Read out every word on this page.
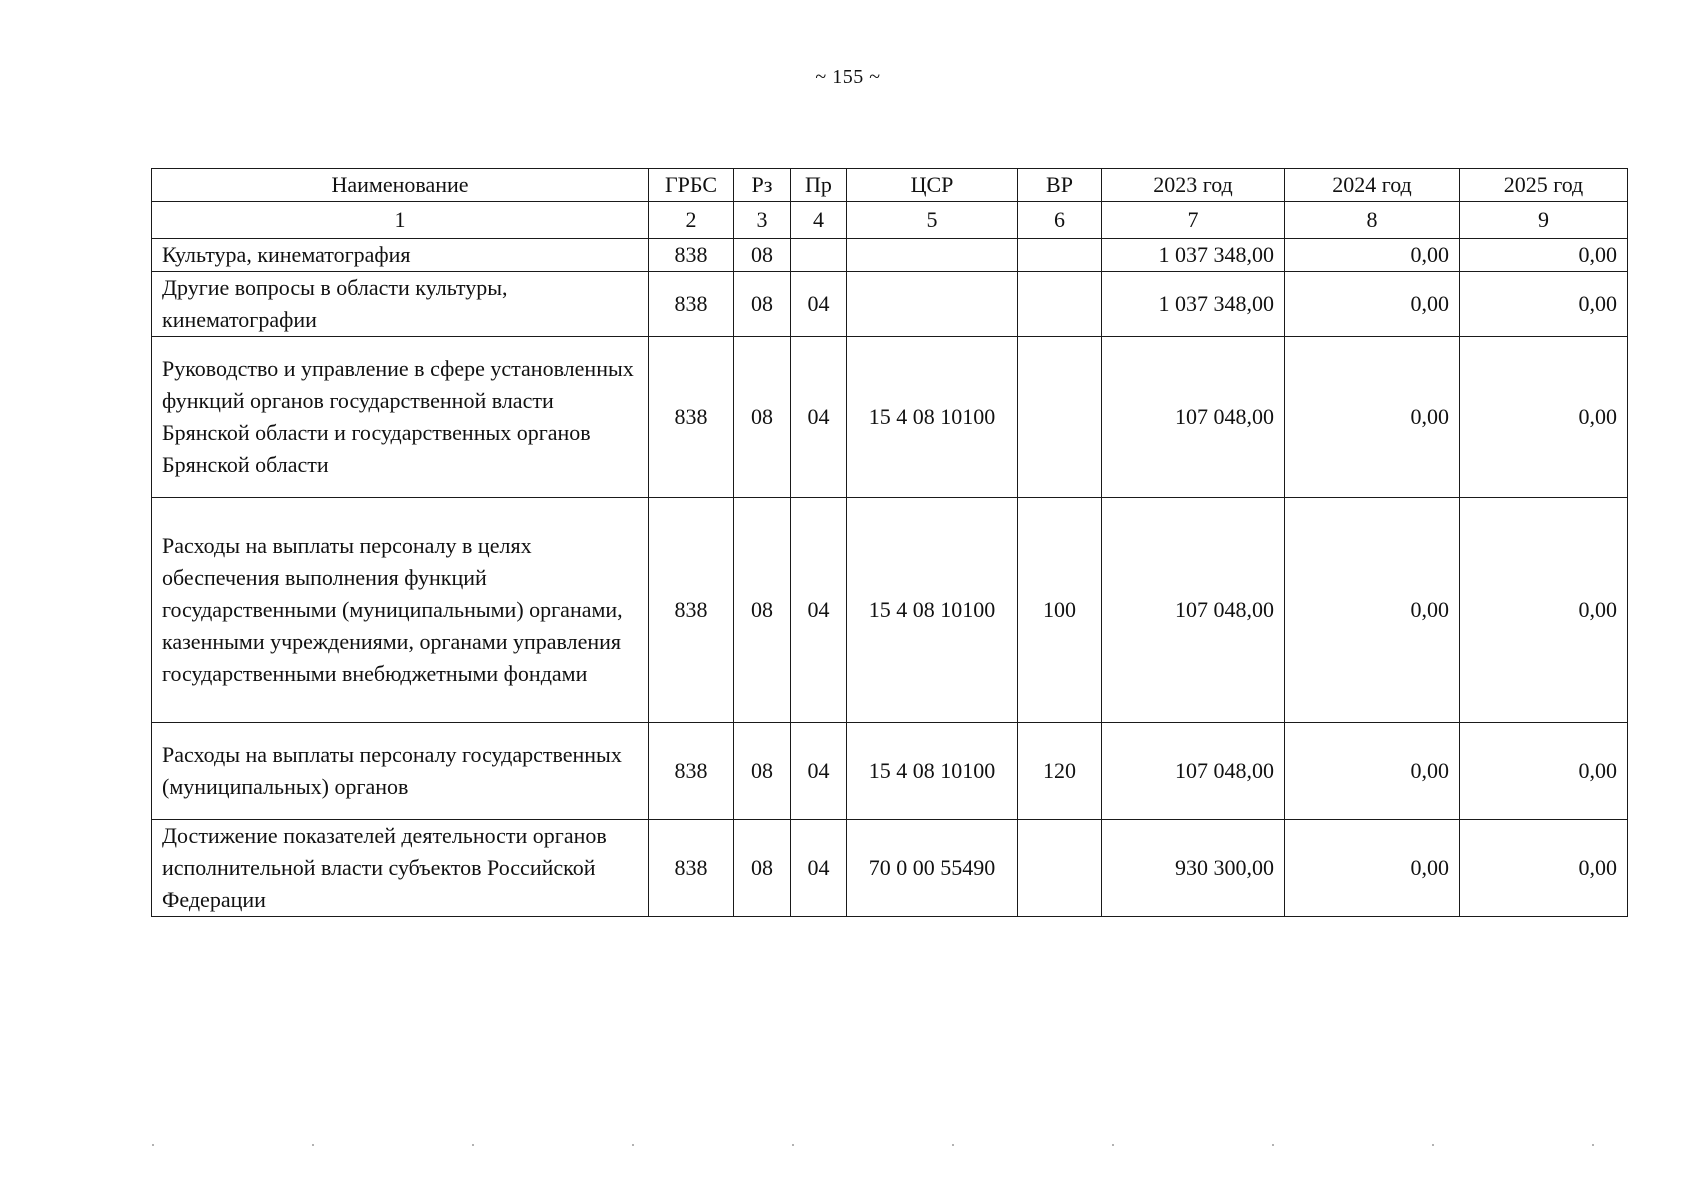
~ 155 ~
Наименование	ГРБС	Рз	Пр	ЦСР	ВР	2023 год	2024 год	2025 год
1	2	3	4	5	6	7	8	9
Культура, кинематография	838	08				1 037 348,00	0,00	0,00
Другие вопросы в области культуры, кинематографии	838	08	04			1 037 348,00	0,00	0,00
Руководство и управление в сфере установленных функций органов государственной власти Брянской области и государственных органов Брянской области	838	08	04	15 4 08 10100		107 048,00	0,00	0,00
Расходы на выплаты персоналу в целях обеспечения выполнения функций государственными (муниципальными) органами, казенными учреждениями, органами управления государственными внебюджетными фондами	838	08	04	15 4 08 10100	100	107 048,00	0,00	0,00
Расходы на выплаты персоналу государственных (муниципальных) органов	838	08	04	15 4 08 10100	120	107 048,00	0,00	0,00
Достижение показателей деятельности органов исполнительной власти субъектов Российской Федерации	838	08	04	70 0 00 55490		930 300,00	0,00	0,00
